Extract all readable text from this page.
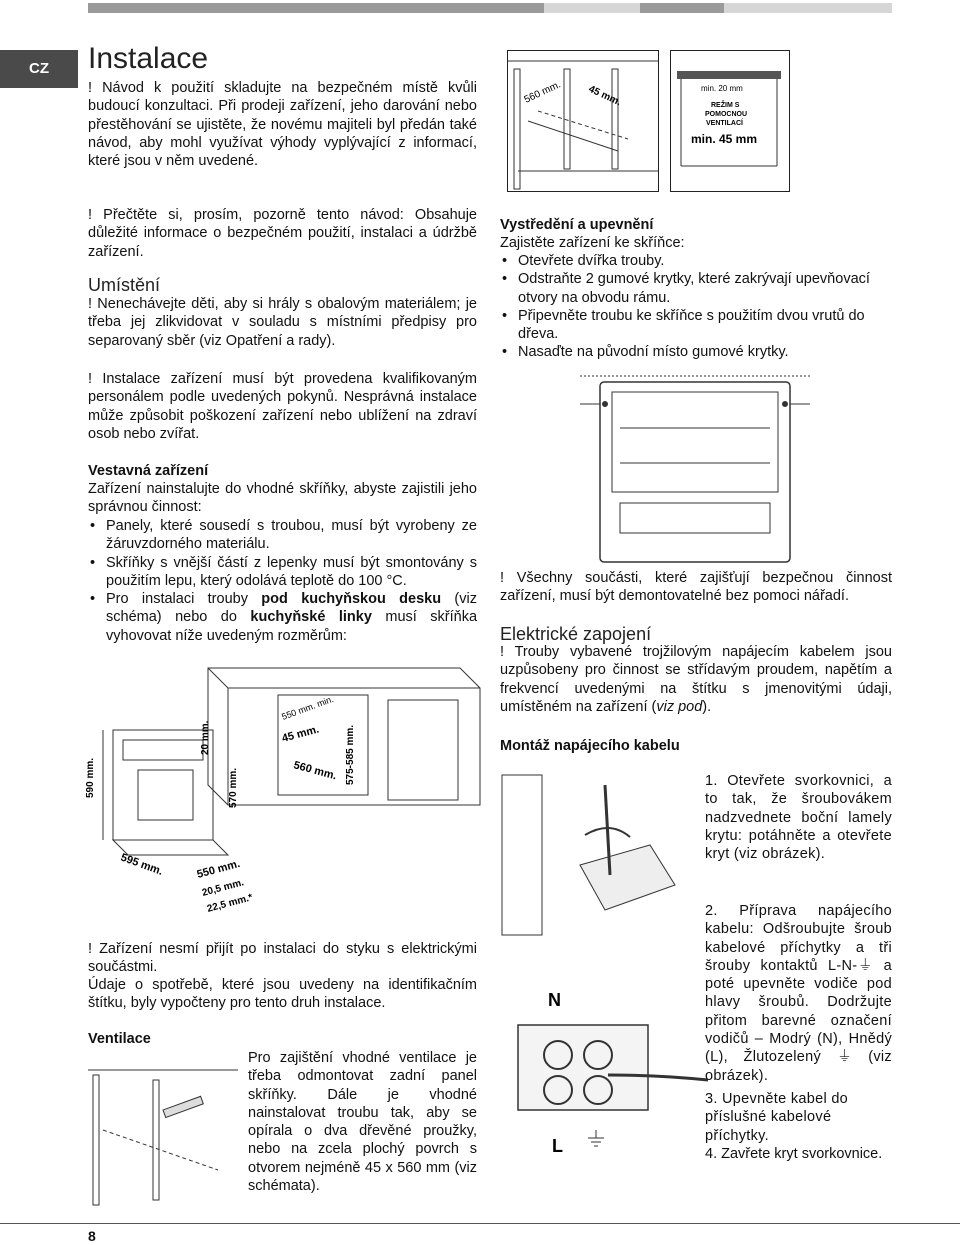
CZ	Instalace
! Návod k použití skladujte na bezpečném místě kvůli budoucí konzultaci. Při prodeji zařízení, jeho darování nebo přestěhování se ujistěte, že novému majiteli byl předán také návod, aby mohl využívat výhody vyplývající z informací, které jsou v něm uvedené.
560 mm. 45 mm.	min. 20 mm
REŽIM S
POMOCNOU
VENTILACÍ
min. 45 mm
! Přečtěte si, prosím, pozorně tento návod: Obsahuje důležité informace o bezpečném použití, instalaci a údržbě zařízení.
Umístění
! Nenechávejte děti, aby si hrály s obalovým materiálem; je třeba jej zlikvidovat v souladu s místními předpisy pro separovaný sběr (viz Opatření a rady).
! Instalace zařízení musí být provedena kvalifikovaným personálem podle uvedených pokynů. Nesprávná instalace může způsobit poškození zařízení nebo ublížení na zdraví osob nebo zvířat.
Vestavná zařízení
Zařízení nainstalujte do vhodné skříňky, abyste zajistili jeho správnou činnost:
• Panely, které sousedí s troubou, musí být vyrobeny ze žáruvzdorného materiálu.
• Skříňky s vnější částí z lepenky musí být smontovány s použitím lepu, který odolává teplotě do 100 °C.
• Pro instalaci trouby pod kuchyňskou desku (viz schéma) nebo do kuchyňské linky musí skříňka vyhovovat níže uvedeným rozměrům:
590 mm.
20 mm.
570 mm.
550 mm. min.
45 mm.
560 mm. 575-585 mm.
595 mm.	550 mm.
20,5 mm.
22,5 mm.*
! Zařízení nesmí přijít po instalaci do styku s elektrickými součástmi.
Údaje o spotřebě, které jsou uvedeny na identifikačním štítku, byly vypočteny pro tento druh instalace.
Ventilace
Pro zajištění vhodné ventilace je třeba odmontovat zadní panel skříňky. Dále je vhodné nainstalovat troubu tak, aby se opírala o dva dřevěné proužky, nebo na zcela plochý povrch s otvorem nejméně 45 x 560 mm (viz schémata).
Vystředění a upevnění
Zajistěte zařízení ke skříňce:
• Otevřete dvířka trouby.
• Odstraňte 2 gumové krytky, které zakrývají upevňovací otvory na obvodu rámu.
• Připevněte troubu ke skříňce s použitím dvou vrutů do dřeva.
• Nasaďte na původní místo gumové krytky.
! Všechny součásti, které zajišťují bezpečnou činnost zařízení, musí být demontovatelné bez pomoci nářadí.
Elektrické zapojení
! Trouby vybavené trojžilovým napájecím kabelem jsou uzpůsobeny pro činnost se střídavým proudem, napětím a frekvencí uvedenými na štítku s jmenovitými údaji, umístěném na zařízení (viz pod).
Montáž napájecího kabelu
1. Otevřete svorkovnici, a to tak, že šroubovákem nadzvednete boční lamely krytu: potáhněte a otevřete kryt (viz obrázek).
N
L
2. Příprava napájecího kabelu: Odšroubujte šroub kabelové příchytky a tři šrouby kontaktů L-N-⏚ a poté upevněte vodiče pod hlavy šroubů. Dodržujte přitom barevné označení vodičů – Modrý (N), Hnědý (L), Žlutozelený ⏚ (viz obrázek).
3. Upevněte kabel do příslušné kabelové příchytky.
4. Zavřete kryt svorkovnice.
8
